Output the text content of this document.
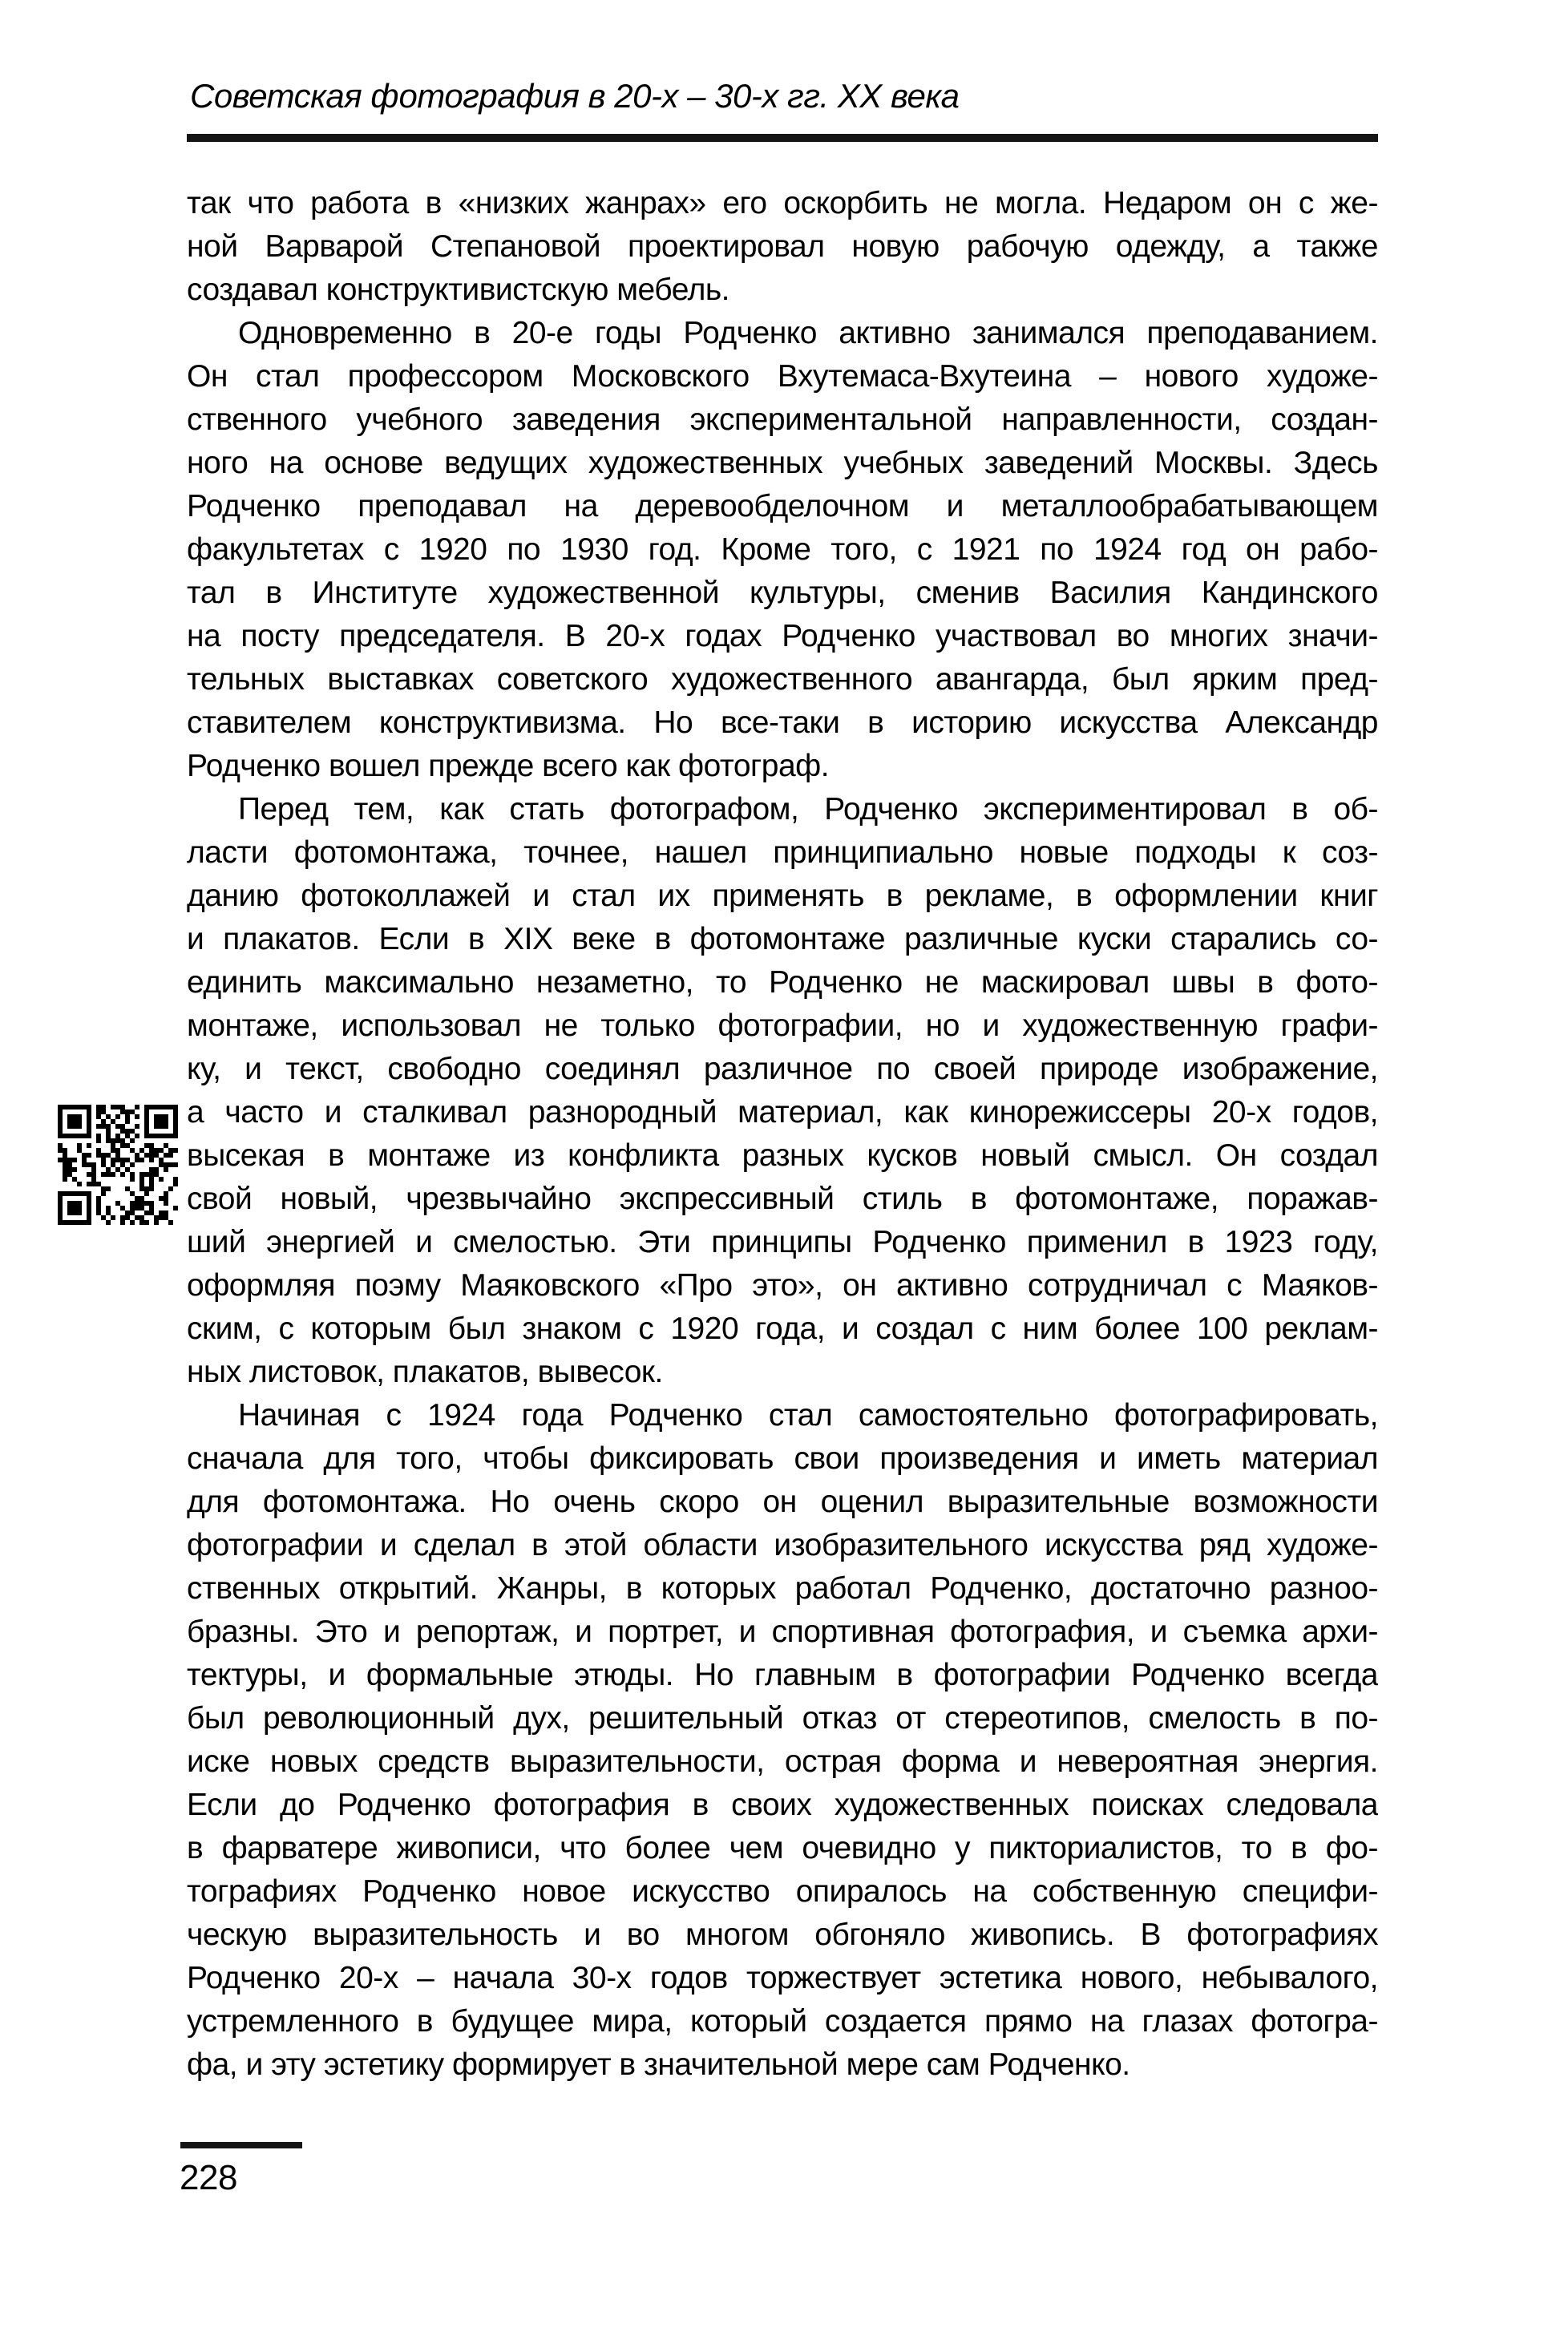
Советская фотография в 20-х – 30-х гг. XX века
так что работа в «низких жанрах» его оскорбить не могла. Недаром он с же-
ной Варварой Степановой проектировал новую рабочую одежду, а также
создавал конструктивистскую мебель.
Одновременно в 20-е годы Родченко активно занимался преподаванием.
Он стал профессором Московского Вхутемаса-Вхутеина – нового художе-
ственного учебного заведения экспериментальной направленности, создан-
ного на основе ведущих художественных учебных заведений Москвы. Здесь
Родченко преподавал на деревообделочном и металлообрабатывающем
факультетах с 1920 по 1930 год. Кроме того, с 1921 по 1924 год он рабо-
тал в Институте художественной культуры, сменив Василия Кандинского
на посту председателя. В 20-х годах Родченко участвовал во многих значи-
тельных выставках советского художественного авангарда, был ярким пред-
ставителем конструктивизма. Но все-таки в историю искусства Александр
Родченко вошел прежде всего как фотограф.
Перед тем, как стать фотографом, Родченко экспериментировал в об-
ласти фотомонтажа, точнее, нашел принципиально новые подходы к соз-
данию фотоколлажей и стал их применять в рекламе, в оформлении книг
и плакатов. Если в XIX веке в фотомонтаже различные куски старались со-
единить максимально незаметно, то Родченко не маскировал швы в фото-
монтаже, использовал не только фотографии, но и художественную графи-
ку, и текст, свободно соединял различное по своей природе изображение,
а часто и сталкивал разнородный материал, как кинорежиссеры 20-х годов,
высекая в монтаже из конфликта разных кусков новый смысл. Он создал
свой новый, чрезвычайно экспрессивный стиль в фотомонтаже, поражав-
ший энергией и смелостью. Эти принципы Родченко применил в 1923 году,
оформляя поэму Маяковского «Про это», он активно сотрудничал с Маяков-
ским, с которым был знаком с 1920 года, и создал с ним более 100 реклам-
ных листовок, плакатов, вывесок.
Начиная с 1924 года Родченко стал самостоятельно фотографировать,
сначала для того, чтобы фиксировать свои произведения и иметь материал
для фотомонтажа. Но очень скоро он оценил выразительные возможности
фотографии и сделал в этой области изобразительного искусства ряд художе-
ственных открытий. Жанры, в которых работал Родченко, достаточно разноо-
бразны. Это и репортаж, и портрет, и спортивная фотография, и съемка архи-
тектуры, и формальные этюды. Но главным в фотографии Родченко всегда
был революционный дух, решительный отказ от стереотипов, смелость в по-
иске новых средств выразительности, острая форма и невероятная энергия.
Если до Родченко фотография в своих художественных поисках следовала
в фарватере живописи, что более чем очевидно у пикториалистов, то в фо-
тографиях Родченко новое искусство опиралось на собственную специфи-
ческую выразительность и во многом обгоняло живопись. В фотографиях
Родченко 20-х – начала 30-х годов торжествует эстетика нового, небывалого,
устремленного в будущее мира, который создается прямо на глазах фотогра-
фа, и эту эстетику формирует в значительной мере сам Родченко.
228
